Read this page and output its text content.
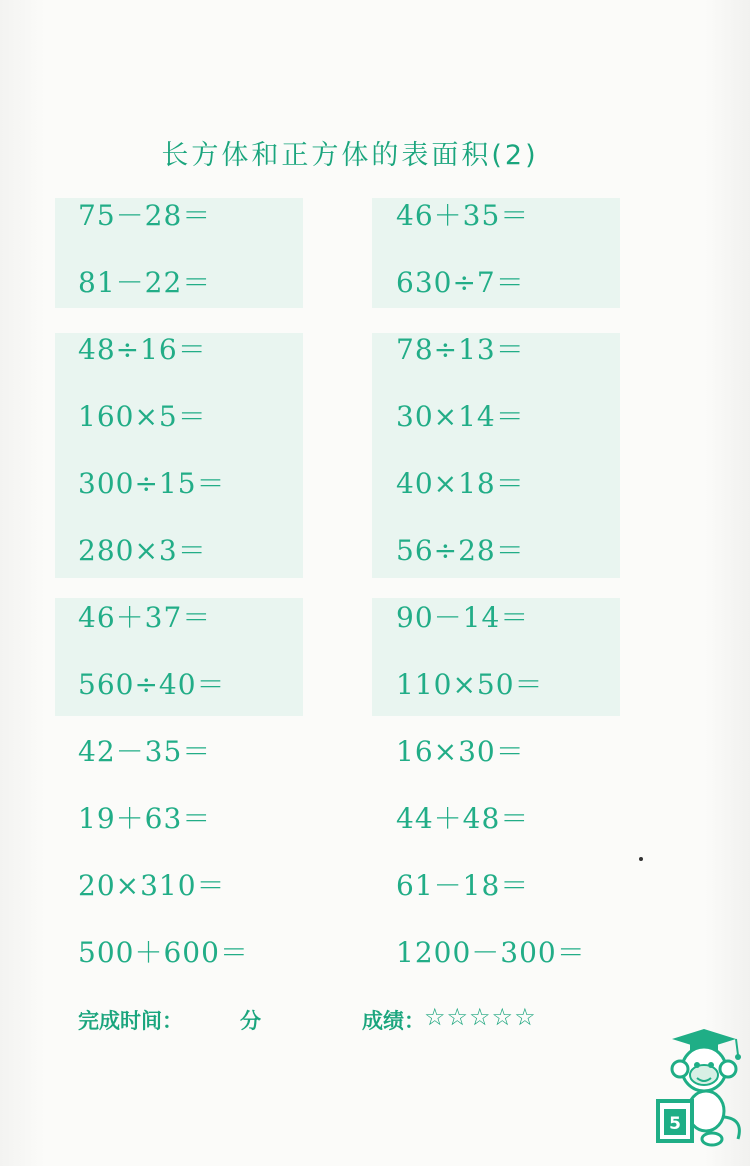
长方体和正方体的表面积(2)
75－28＝
81－22＝
48÷16＝
160×5＝
300÷15＝
280×3＝
46＋37＝
560÷40＝
42－35＝
19＋63＝
20×310＝
500＋600＝
46＋35＝
630÷7＝
78÷13＝
30×14＝
40×18＝
56÷28＝
90－14＝
110×50＝
16×30＝
44＋48＝
61－18＝
1200－300＝
完成时间：	分	成绩： ☆☆☆☆☆
5
